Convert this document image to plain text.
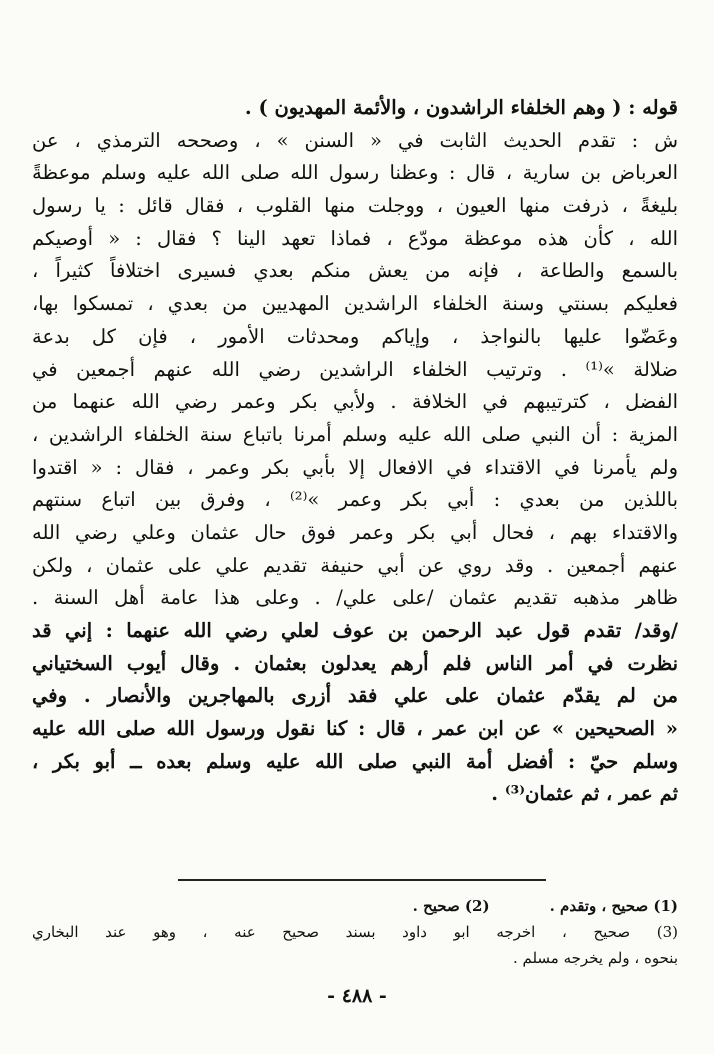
قوله : ( وهم الخلفاء الراشدون ، والأئمة المهديون ) .
ش : تقدم الحديث الثابت في « السنن » ، وصححه الترمذي ، عن
العرباض بن سارية ، قال : وعظنا رسول الله صلى الله عليه وسلم موعظةً
بليغةً ، ذرفت منها العيون ، ووجلت منها القلوب ، فقال قائل : يا رسول
الله ، كأن هذه موعظة مودّع ، فماذا تعهد الينا ؟ فقال : « أوصيكم
بالسمع والطاعة ، فإنه من يعش منكم بعدي فسيرى اختلافاً كثيراً ،
فعليكم بسنتي وسنة الخلفاء الراشدين المهديين من بعدي ، تمسكوا بها،
وعَضّوا عليها بالنواجذ ، وإياكم ومحدثات الأمور ، فإن كل بدعة
ضلالة »⁽¹⁾ . وترتيب الخلفاء الراشدين رضي الله عنهم أجمعين في
الفضل ، كترتيبهم في الخلافة . ولأبي بكر وعمر رضي الله عنهما من
المزية : أن النبي صلى الله عليه وسلم أمرنا باتباع سنة الخلفاء الراشدين ،
ولم يأمرنا في الاقتداء في الافعال إلا بأبي بكر وعمر ، فقال : « اقتدوا
باللذين من بعدي : أبي بكر وعمر »⁽²⁾ ، وفرق بين اتباع سنتهم
والاقتداء بهم ، فحال أبي بكر وعمر فوق حال عثمان وعلي رضي الله
عنهم أجمعين . وقد روي عن أبي حنيفة تقديم علي على عثمان ، ولكن
ظاهر مذهبه تقديم عثمان /على علي/ . وعلى هذا عامة أهل السنة .
/وقد/ تقدم قول عبد الرحمن بن عوف لعلي رضي الله عنهما : إني قد
نظرت في أمر الناس فلم أرهم يعدلون بعثمان . وقال أيوب السختياني
من لم يقدّم عثمان على علي فقد أزرى بالمهاجرين والأنصار . وفي
« الصحيحين » عن ابن عمر ، قال : كنا نقول ورسول الله صلى الله عليه
وسلم حيّ : أفضل أمة النبي صلى الله عليه وسلم بعده ــ أبو بكر ،
ثم عمر ، ثم عثمان⁽³⁾ .
(1) صحيح ، وتقدم .
(2) صحيح .
(3) صحيح ، اخرجه ابو داود بسند صحيح عنه ، وهو عند البخاري
بنحوه ، ولم يخرجه مسلم .
- ٤٨٨ -
